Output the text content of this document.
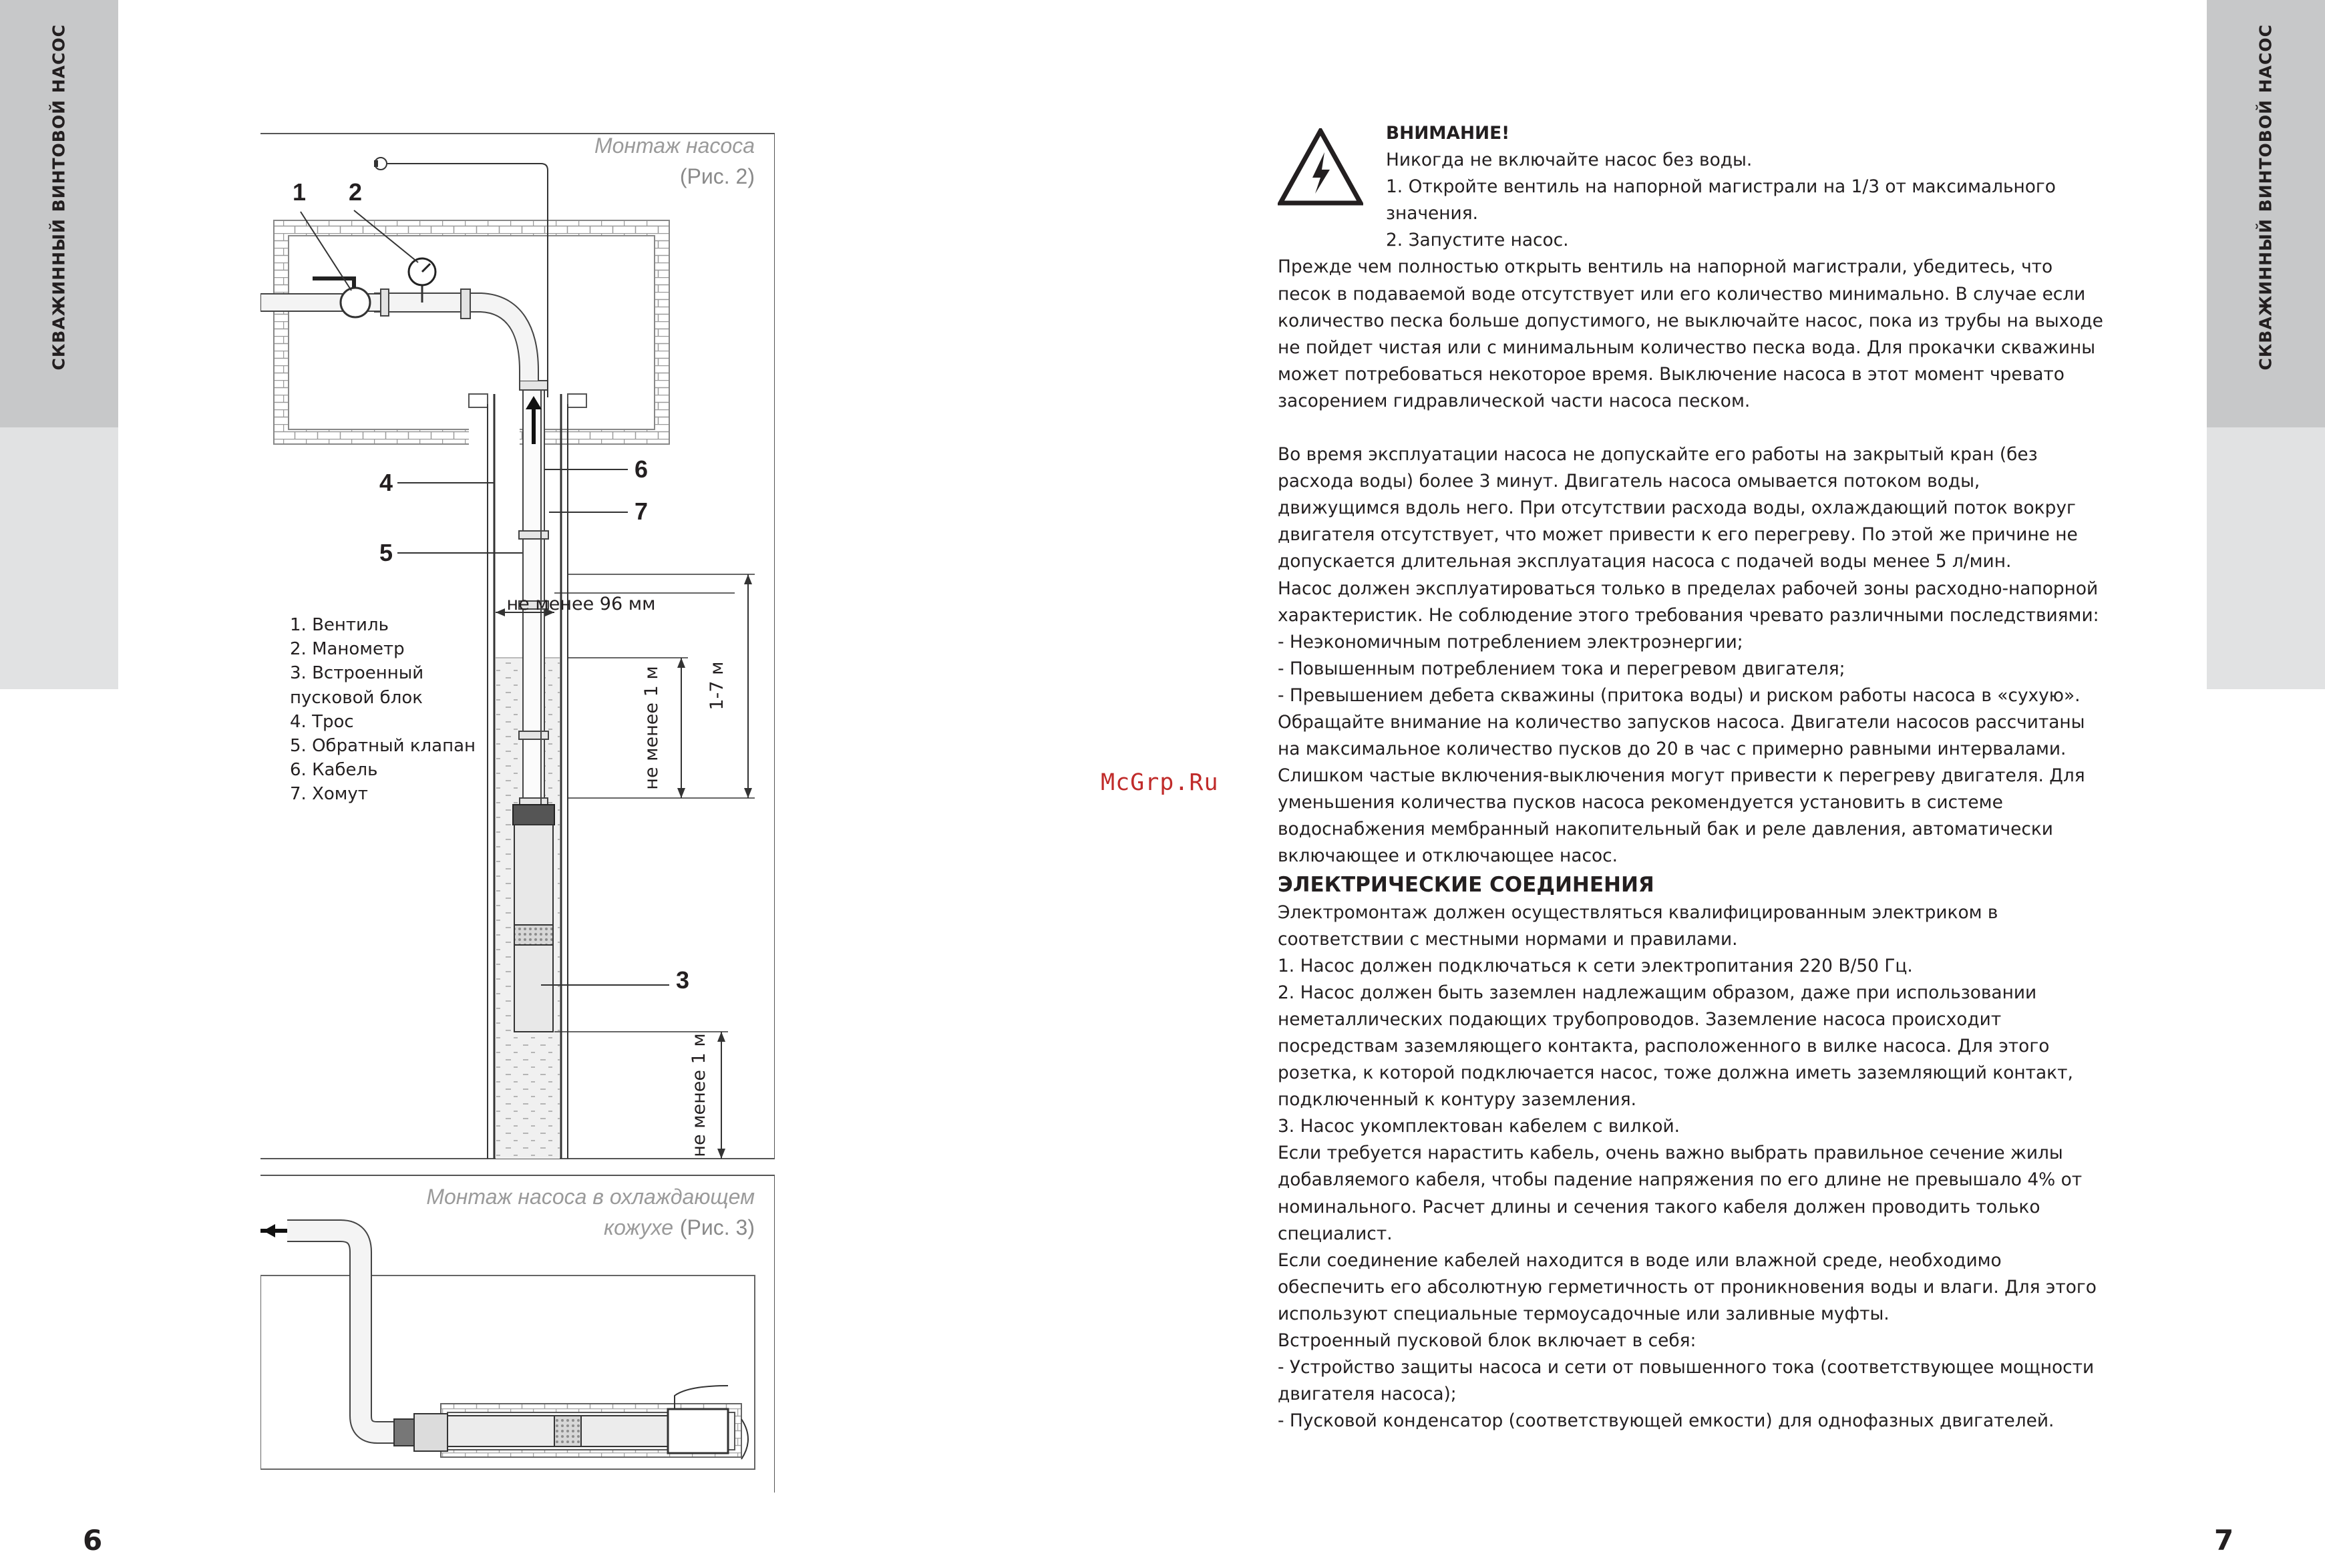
СКВАЖИННЫЙ ВИНТОВОЙ НАСОС	СКВАЖИННЫЙ ВИНТОВОЙ НАСОС
6	7
McGrp.Ru
Монтаж насоса
(Рис. 2)
1 2
4
5
6
7
3
не менее 96 мм
1-7 м
не менее 1 м
не менее 1 м
Монтаж насоса в охлаждающем
кожухе (Рис. 3)
1. Вентиль
2. Манометр
3. Встроенный
пусковой блок
4. Трос
5. Обратный клапан
6. Кабель
7. Хомут

ВНИМАНИЕ!

Никогда не включайте насос без воды.

1. Откройте вентиль на напорной магистрали на 1/3 от максимального значения.

2. Запустите насос.

Прежде чем полностью открыть вентиль на напорной магистрали, убедитесь, что песок в подаваемой воде отсутствует или его количество минимально. В случае если количество песка больше допустимого, не выключайте насос, пока из трубы на выходе не пойдет чистая или с минимальным количество песка вода. Для прокачки скважины может потребоваться некоторое время. Выключение насоса в этот момент чревато засорением гидравлической части насоса песком.

Во время эксплуатации насоса не допускайте его работы на закрытый кран (без расхода воды) более 3 минут. Двигатель насоса омывается потоком воды, движущимся вдоль него. При отсутствии расхода воды, охлаждающий поток вокруг двигателя отсутствует, что может привести к его перегреву. По этой же причине не допускается длительная эксплуатация насоса с подачей воды менее 5 л/мин.

Насос должен эксплуатироваться только в пределах рабочей зоны расходно-напорной характеристик. Не соблюдение этого требования чревато различными последствиями:

- Неэкономичным потреблением электроэнергии;

- Повышенным потреблением тока и перегревом двигателя;

- Превышением дебета скважины (притока воды) и риском работы насоса в «сухую».

Обращайте внимание на количество запусков насоса. Двигатели насосов рассчитаны на максимальное количество пусков до 20 в час с примерно равными интервалами. Слишком частые включения-выключения могут привести к перегреву двигателя. Для уменьшения количества пусков насоса рекомендуется установить в системе водоснабжения мембранный накопительный бак и реле давления, автоматически включающее и отключающее насос.

ЭЛЕКТРИЧЕСКИЕ СОЕДИНЕНИЯ

Электромонтаж должен осуществляться квалифицированным электриком в соответствии с местными нормами и правилами.

1. Насос должен подключаться к сети электропитания 220 В/50 Гц.

2. Насос должен быть заземлен надлежащим образом, даже при использовании неметаллических подающих трубопроводов. Заземление насоса происходит посредствам заземляющего контакта, расположенного в вилке насоса. Для этого розетка, к которой подключается насос, тоже должна иметь заземляющий контакт, подключенный к контуру заземления.

3. Насос укомплектован кабелем с вилкой.

Если требуется нарастить кабель, очень важно выбрать правильное сечение жилы добавляемого кабеля, чтобы падение напряжения по его длине не превышало 4% от номинального. Расчет длины и сечения такого кабеля должен проводить только специалист.

Если соединение кабелей находится в воде или влажной среде, необходимо обеспечить его абсолютную герметичность от проникновения воды и влаги. Для этого используют специальные термоусадочные или заливные муфты.

Встроенный пусковой блок включает в себя:

- Устройство защиты насоса и сети от повышенного тока (соответствующее мощности двигателя насоса);

- Пусковой конденсатор (соответствующей емкости) для однофазных двигателей.
